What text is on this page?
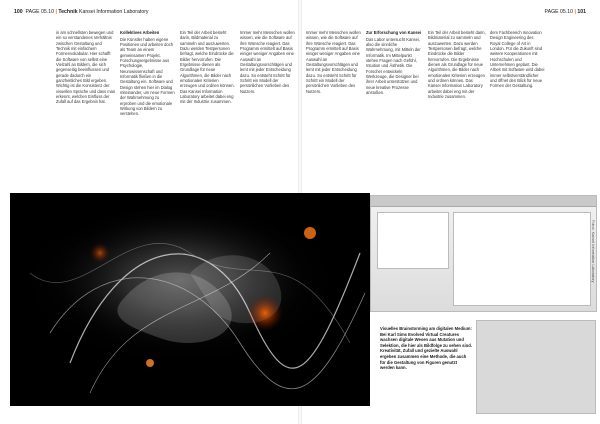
100 PAGE 05.10 | Technik Kansei Information Laboratory	PAGE 05.10 | 101

in am schnellsten bewegen und ein so verstandenes Verhältnis zwischen Gestaltung und Technik mit einfachem Formenvokabular. Hier schafft die Software von selbst eine Vielzahl an Bildern, die sich gegenseitig beeinflussen und gerade dadurch ein ganzheitliches Bild ergeben. Wichtig ist die Konsistenz der visuellen Sprache und dass man erkennt, welchen Einfluss der Zufall auf das Ergebnis hat.

Kollektives Arbeiten

Die Künstler haben eigene Positionen und arbeiten doch als Team an einem gemeinsamen Projekt. Forschungsergebnisse aus Psychologie, Neurowissenschaft und Informatik fließen in die Gestaltung ein. Software und Design stehen hier im Dialog miteinander, um neue Formen der Wahrnehmung zu erproben und die emotionale Wirkung von Bildern zu verstehen.

Ein Teil der Arbeit besteht darin, Bildmaterial zu sammeln und auszuwerten. Dazu werden Testpersonen befragt, welche Eindrücke die Bilder hervorrufen. Die Ergebnisse dienen als Grundlage für neue Algorithmen, die Bilder nach emotionalen Kriterien erzeugen und ordnen können. Das Kansei Information Laboratory arbeitet dabei eng mit der Industrie zusammen.

Immer mehr Menschen wollen wissen, wie die Software auf ihre Wünsche reagiert. Das Programm ermittelt auf Basis einiger weniger Angaben eine Auswahl an Gestaltungsvorschlägen und lernt mit jeder Entscheidung dazu. So entsteht Schritt für Schritt ein Modell der persönlichen Vorlieben des Nutzers.

Immer mehr Menschen wollen wissen, wie die Software auf ihre Wünsche reagiert. Das Programm ermittelt auf Basis einiger weniger Angaben eine Auswahl an Gestaltungsvorschlägen und lernt mit jeder Entscheidung dazu. So entsteht Schritt für Schritt ein Modell der persönlichen Vorlieben des Nutzers.

Zur Erforschung von Kansei

Das Labor untersucht Kansei, also die sinnliche Wahrnehmung, mit Mitteln der Informatik. Im Mittelpunkt stehen Fragen nach Gefühl, Intuition und Ästhetik. Die Forscher entwickeln Werkzeuge, die Designer bei ihrer Arbeit unterstützen und neue kreative Prozesse anstoßen.

Ein Teil der Arbeit besteht darin, Bildmaterial zu sammeln und auszuwerten. Dazu werden Testpersonen befragt, welche Eindrücke die Bilder hervorrufen. Die Ergebnisse dienen als Grundlage für neue Algorithmen, die Bilder nach emotionalen Kriterien erzeugen und ordnen können. Das Kansei Information Laboratory arbeitet dabei eng mit der Industrie zusammen.

dem Fachbereich Innovation Design Engineering des Royal College of Art in London. Für die Zukunft sind weitere Kooperationen mit Hochschulen und Unternehmen geplant. Die Arbeit mit Software wird dabei immer selbstverständlicher und öffnet den Blick für neue Formen der Gestaltung.

Visuelles Brainstorming am digitalen Medium: Bei Karl Sims Evolved Virtual Creatures wachsen digitale Wesen aus Mutation und Selektion, die hier als Bildfolge zu sehen sind. Kreativität, Zufall und gezielte Auswahl ergeben zusammen eine Methode, die auch für die Gestaltung von Figuren genutzt werden kann.
Fotos: Kansei Information Laboratory
